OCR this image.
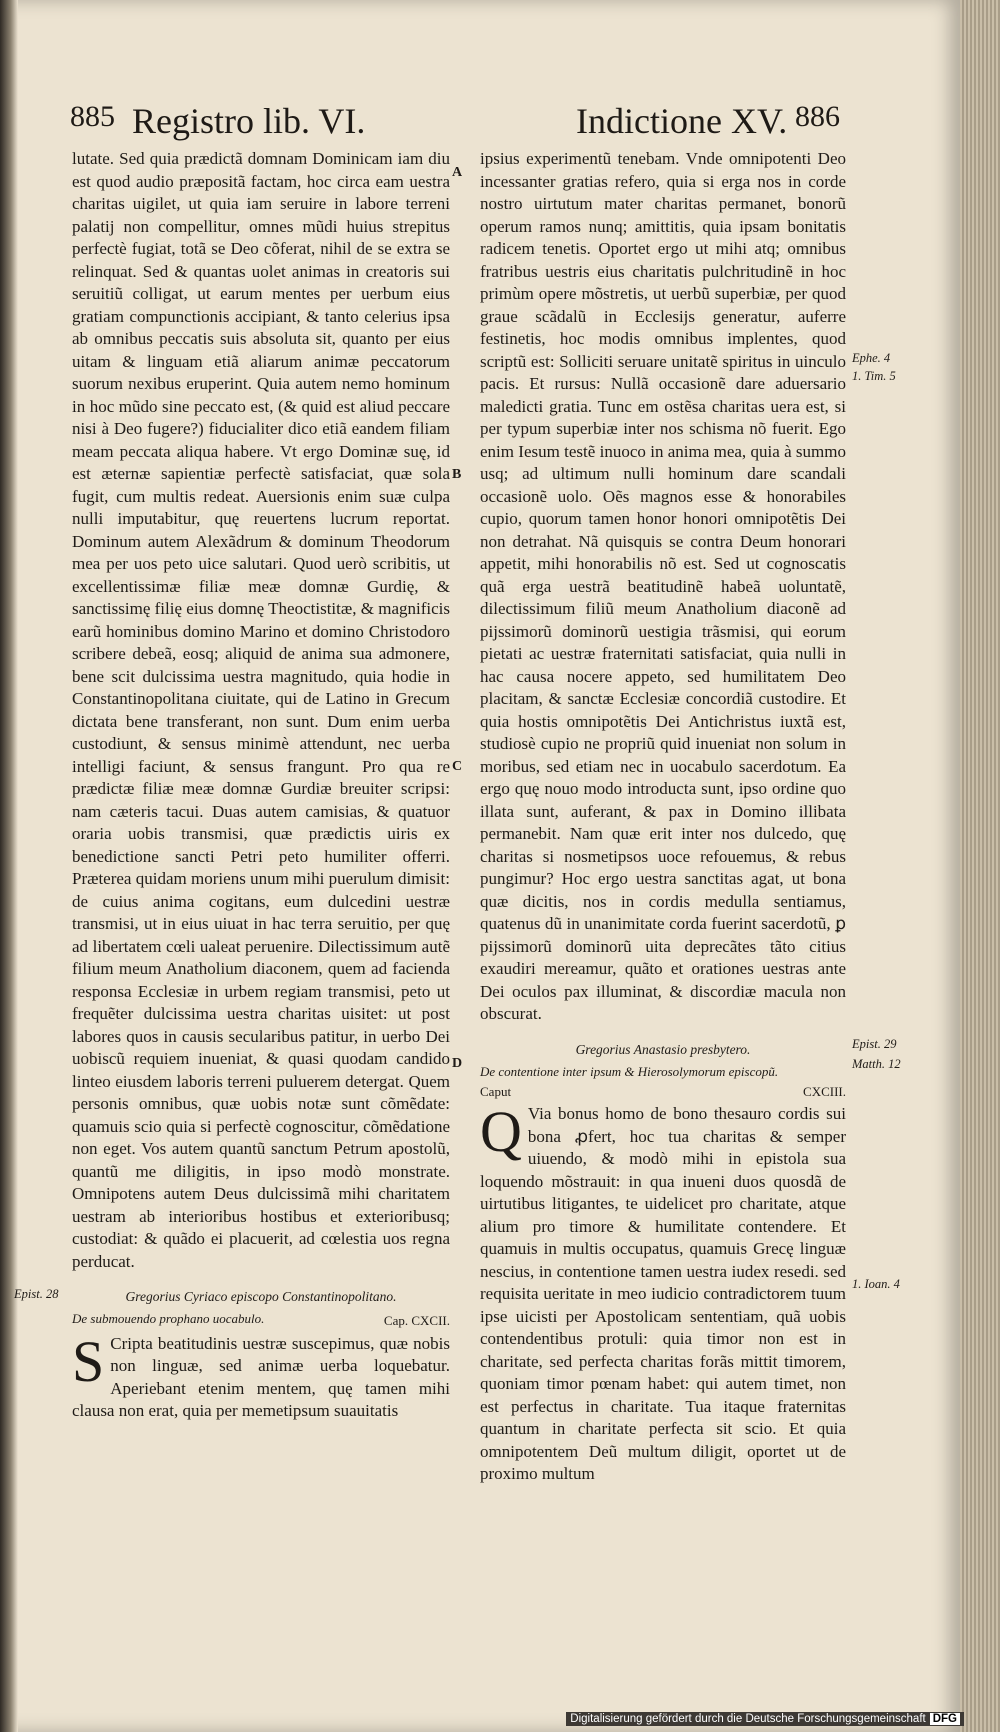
885 Registro lib. VI.	Indictione XV. 886

lutate. Sed quia prædictã domnam Dominicam iam diu est quod audio præpositã factam, hoc circa eam uestra charitas uigilet, ut quia iam seruire in labore terreni palatij non compellitur, omnes mũdi huius strepitus perfectè fugiat, totã se Deo cõferat, nihil de se extra se relinquat. Sed & quantas uolet animas in creatoris sui seruitiũ colligat, ut earum mentes per uerbum eius gratiam compunctionis accipiant, & tanto celerius ipsa ab omnibus peccatis suis absoluta sit, quanto per eius uitam & linguam etiã aliarum animæ peccatorum suorum nexibus eruperint. Quia autem nemo hominum in hoc mũdo sine peccato est, (& quid est aliud peccare nisi à Deo fugere?) fiducialiter dico etiã eandem filiam meam peccata aliqua habere. Vt ergo Dominæ suę, id est æternæ sapientiæ perfectè satisfaciat, quæ sola fugit, cum multis redeat. Auersionis enim suæ culpa nulli imputabitur, quę reuertens lucrum reportat. Dominum autem Alexãdrum & dominum Theodorum mea per uos peto uice salutari. Quod uerò scribitis, ut excellentissimæ filiæ meæ domnæ Gurdię, & sanctissimę filię eius domnę Theoctistitæ, & magnificis earũ hominibus domino Marino et domino Christodoro scribere debeã, eosq; aliquid de anima sua admonere, bene scit dulcissima uestra magnitudo, quia hodie in Constantinopolitana ciuitate, qui de Latino in Grecum dictata bene transferant, non sunt. Dum enim uerba custodiunt, & sensus minimè attendunt, nec uerba intelligi faciunt, & sensus frangunt. Pro qua re prædictæ filiæ meæ domnæ Gurdiæ breuiter scripsi: nam cæteris tacui. Duas autem camisias, & quatuor oraria uobis transmisi, quæ prædictis uiris ex benedictione sancti Petri peto humiliter offerri. Præterea quidam moriens unum mihi puerulum dimisit: de cuius anima cogitans, eum dulcedini uestræ transmisi, ut in eius uiuat in hac terra seruitio, per quę ad libertatem cœli ualeat peruenire. Dilectissimum autẽ filium meum Anatholium diaconem, quem ad facienda responsa Ecclesiæ in urbem regiam transmisi, peto ut frequẽter dulcissima uestra charitas uisitet: ut post labores quos in causis secularibus patitur, in uerbo Dei uobiscũ requiem inueniat, & quasi quodam candido linteo eiusdem laboris terreni puluerem detergat. Quem personis omnibus, quæ uobis notæ sunt cõmẽdate: quamuis scio quia si perfectè cognoscitur, cõmẽdatione non eget. Vos autem quantũ sanctum Petrum apostolũ, quantũ me diligitis, in ipso modò monstrate. Omnipotens autem Deus dulcissimã mihi charitatem uestram ab interioribus hostibus et exterioribusq; custodiat: & quãdo ei placuerit, ad cœlestia uos regna perducat.

Gregorius Cyriaco episcopo Constantinopolitano.
De submouendo prophano uocabulo.	Cap. CXCII.

S Cripta beatitudinis uestræ suscepimus, quæ nobis non linguæ, sed animæ uerba loquebatur. Aperiebant etenim mentem, quę tamen mihi clausa non erat, quia per memetipsum suauitatis

ipsius experimentũ tenebam. Vnde omnipotenti Deo incessanter gratias refero, quia si erga nos in corde nostro uirtutum mater charitas permanet, bonorũ operum ramos nunq; amittitis, quia ipsam bonitatis radicem tenetis. Oportet ergo ut mihi atq; omnibus fratribus uestris eius charitatis pulchritudinẽ in hoc primùm opere mõstretis, ut uerbũ superbiæ, per quod graue scãdalũ in Ecclesijs generatur, auferre festinetis, hoc modis omnibus implentes, quod scriptũ est: Solliciti seruare unitatẽ spiritus in uinculo pacis. Et rursus: Nullã occasionẽ dare aduersario maledicti gratia. Tunc em ostẽsa charitas uera est, si per typum superbiæ inter nos schisma nõ fuerit. Ego enim Iesum testẽ inuoco in anima mea, quia à summo usq; ad ultimum nulli hominum dare scandali occasionẽ uolo. Oẽs magnos esse & honorabiles cupio, quorum tamen honor honori omnipotẽtis Dei non detrahat. Nã quisquis se contra Deum honorari appetit, mihi honorabilis nõ est. Sed ut cognoscatis quã erga uestrã beatitudinẽ habeã uoluntatẽ, dilectissimum filiũ meum Anatholium diaconẽ ad pijssimorũ dominorũ uestigia trãsmisi, qui eorum pietati ac uestræ fraternitati satisfaciat, quia nulli in hac causa nocere appeto, sed humilitatem Deo placitam, & sanctæ Ecclesiæ concordiã custodire. Et quia hostis omnipotẽtis Dei Antichristus iuxtã est, studiosè cupio ne propriũ quid inueniat non solum in moribus, sed etiam nec in uocabulo sacerdotum. Ea ergo quę nouo modo introducta sunt, ipso ordine quo illata sunt, auferant, & pax in Domino illibata permanebit. Nam quæ erit inter nos dulcedo, quę charitas si nosmetipsos uoce refouemus, & rebus pungimur? Hoc ergo uestra sanctitas agat, ut bona quæ dicitis, nos in cordis medulla sentiamus, quatenus dũ in unanimitate corda fuerint sacerdotũ, ꝑ pijssimorũ dominorũ uita deprecãtes tãto citius exaudiri mereamur, quãto et orationes uestras ante Dei oculos pax illuminat, & discordiæ macula non obscurat.

Gregorius Anastasio presbytero.
De contentione inter ipsum & Hierosolymorum episcopũ.
Caput	CXCIII.

Q Via bonus homo de bono thesauro cordis sui bona ꝓfert, hoc tua charitas & semper uiuendo, & modò mihi in epistola sua loquendo mõstrauit: in qua inueni duos quosdã de uirtutibus litigantes, te uidelicet pro charitate, atque alium pro timore & humilitate contendere. Et quamuis in multis occupatus, quamuis Grecę linguæ nescius, in contentione tamen uestra iudex resedi. sed requisita ueritate in meo iudicio contradictorem tuum ipse uicisti per Apostolicam sententiam, quã uobis contendentibus protuli: quia timor non est in charitate, sed perfecta charitas forãs mittit timorem, quoniam timor pœnam habet: qui autem timet, non est perfectus in charitate. Tua itaque fraternitas quantum in charitate perfecta sit scio. Et quia omnipotentem Deũ multum diligit, oportet ut de proximo multum

A
B
C
D
Ephe. 4
1. Tim. 5
Epist. 29
Matth. 12
Epist. 28
1. Ioan. 4
Digitalisierung gefördert durch die Deutsche Forschungsgemeinschaft DFG
